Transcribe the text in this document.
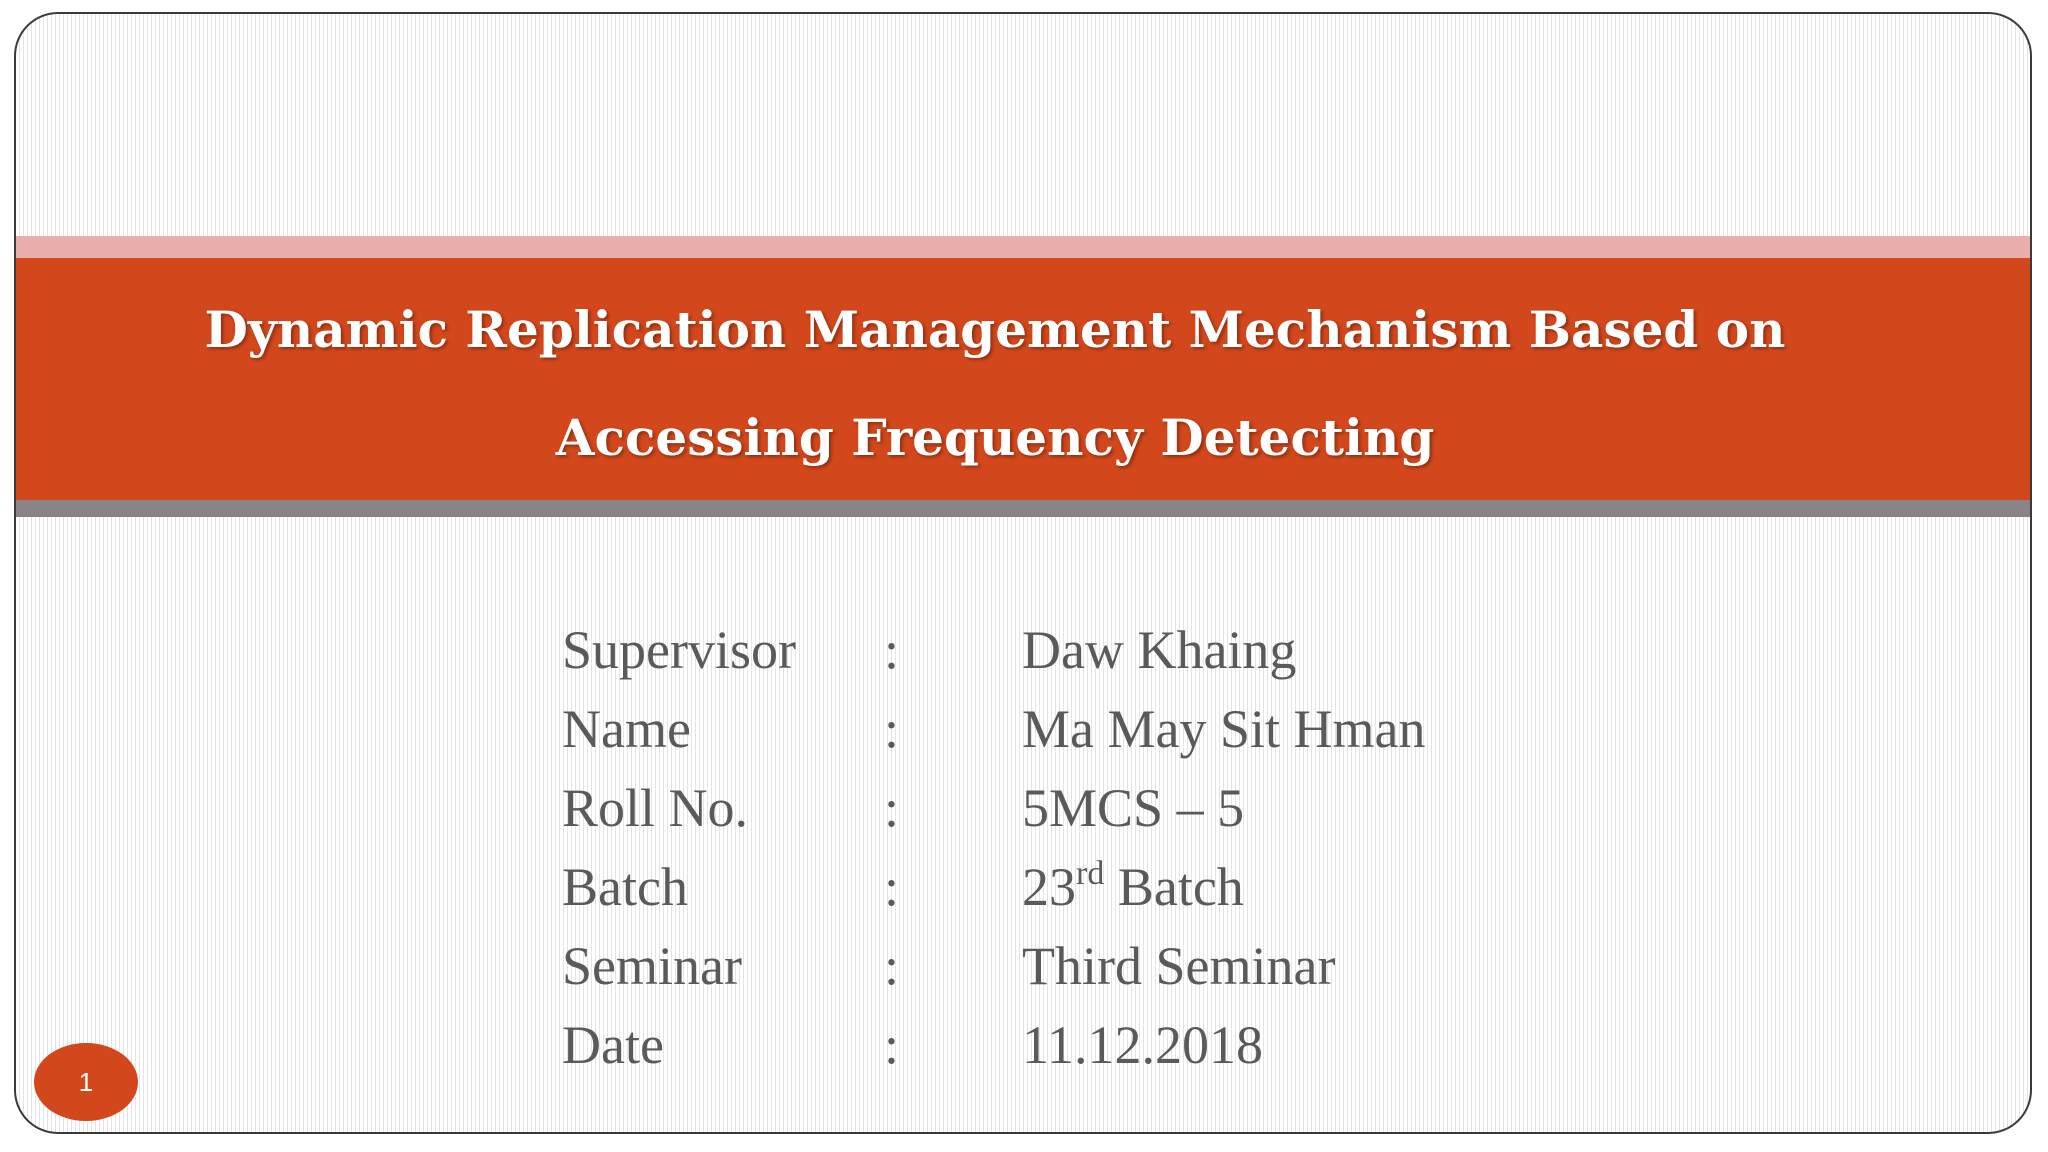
Dynamic Replication Management Mechanism Based on
Accessing Frequency Detecting
Supervisor : Daw Khaing
Name	: Ma May Sit Hman
Roll No.	: 5MCS – 5
Batch	: 23rd Batch
Seminar	: Third Seminar
Date	: 11.12.2018
1
